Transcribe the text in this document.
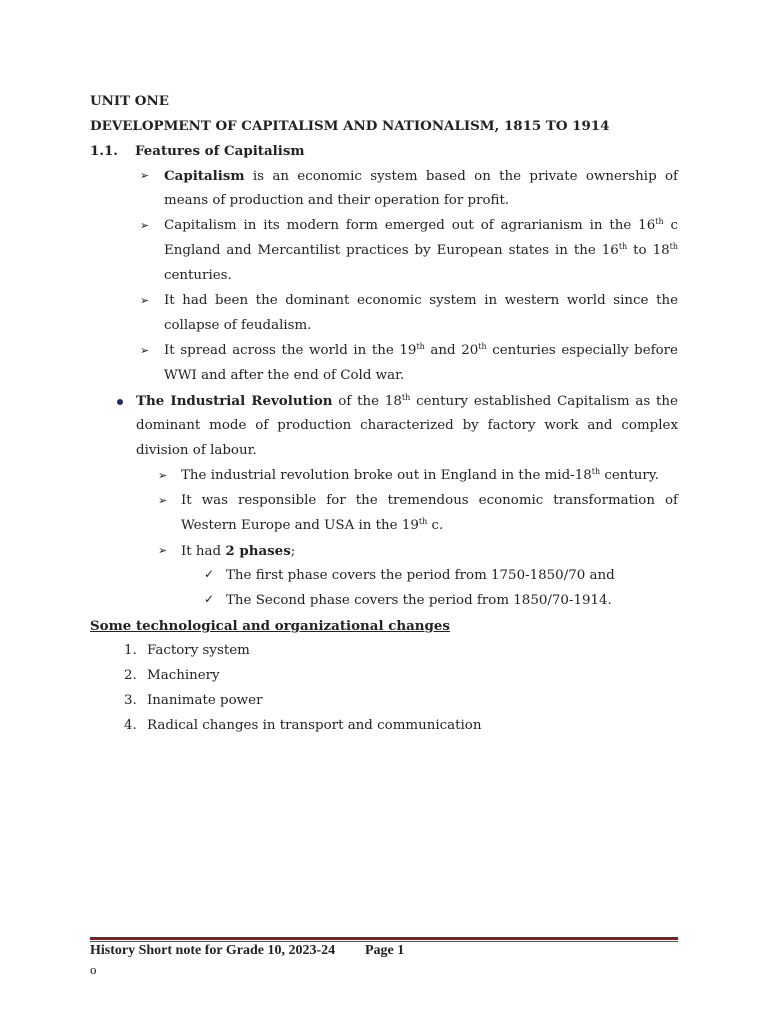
UNIT ONE
DEVELOPMENT OF CAPITALISM AND NATIONALISM, 1815 TO 1914
1.1. Features of Capitalism
➢ Capitalism is an economic system based on the private ownership of
means of production and their operation for profit.
➢ Capitalism in its modern form emerged out of agrarianism in the 16th c
England and Mercantilist practices by European states in the 16th to 18th
centuries.
➢ It had been the dominant economic system in western world since the
collapse of feudalism.
➢ It spread across the world in the 19th and 20th centuries especially before
WWI and after the end of Cold war.
The Industrial Revolution of the 18th century established Capitalism as the
dominant mode of production characterized by factory work and complex
division of labour.
➢ The industrial revolution broke out in England in the mid-18th century.
➢ It was responsible for the tremendous economic transformation of
Western Europe and USA in the 19th c.
➢ It had 2 phases;
✓ The first phase covers the period from 1750-1850/70 and
✓ The Second phase covers the period from 1850/70-1914.
Some technological and organizational changes
1. Factory system
2. Machinery
3. Inanimate power
4. Radical changes in transport and communication
History Short note for Grade 10, 2023-24 Page 1
o
